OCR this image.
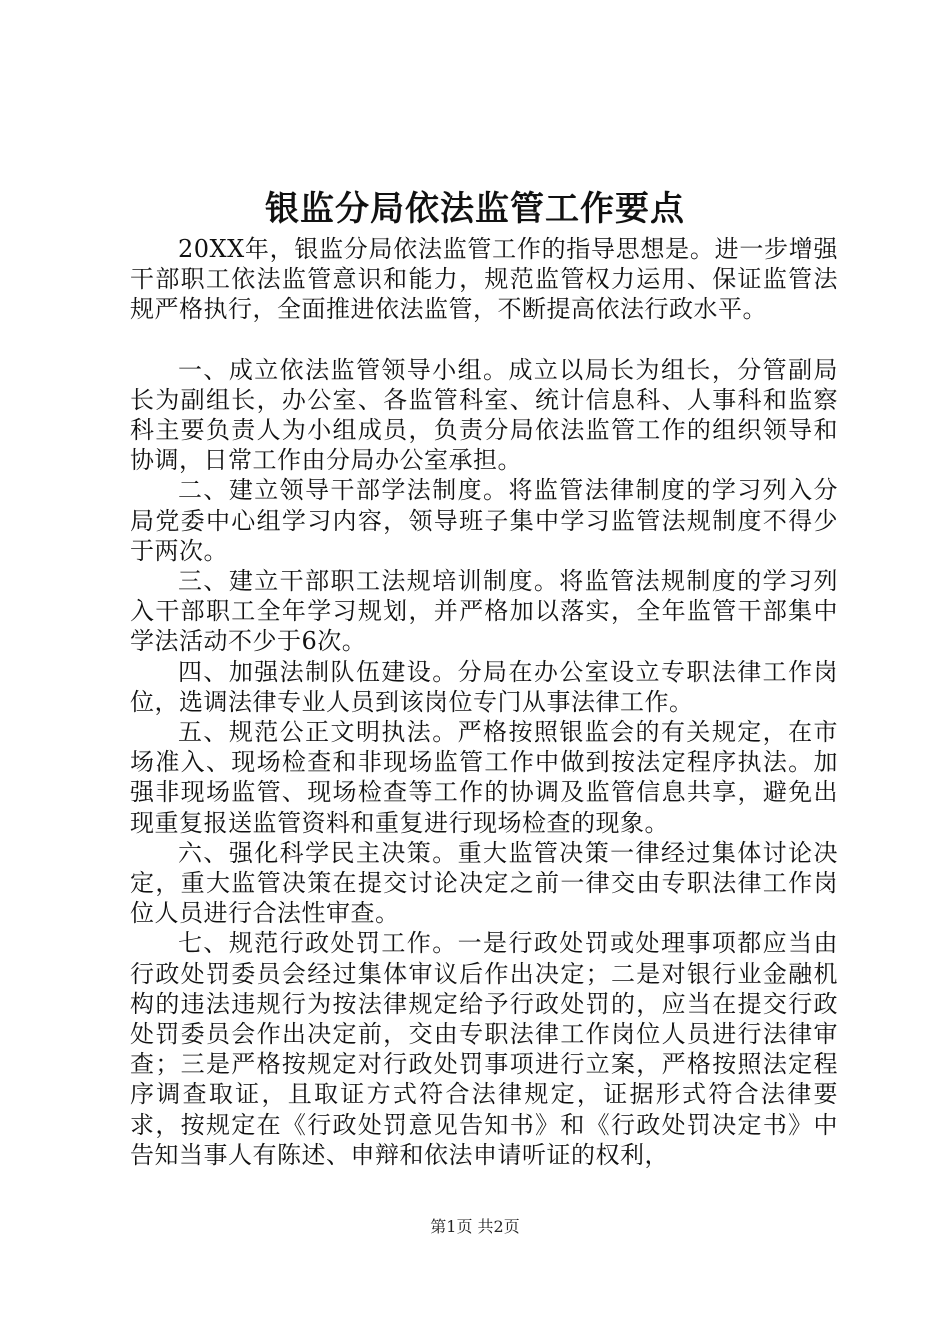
银监分局依法监管工作要点

20XX年，银监分局依法监管工作的指导思想是。进一步增强干部职工依法监管意识和能力，规范监管权力运用、保证监管法规严格执行，全面推进依法监管，不断提高依法行政水平。

一、成立依法监管领导小组。成立以局长为组长，分管副局长为副组长，办公室、各监管科室、统计信息科、人事科和监察科主要负责人为小组成员，负责分局依法监管工作的组织领导和协调，日常工作由分局办公室承担。

二、建立领导干部学法制度。将监管法律制度的学习列入分局党委中心组学习内容，领导班子集中学习监管法规制度不得少于两次。

三、建立干部职工法规培训制度。将监管法规制度的学习列入干部职工全年学习规划，并严格加以落实，全年监管干部集中学法活动不少于6次。

四、加强法制队伍建设。分局在办公室设立专职法律工作岗位，选调法律专业人员到该岗位专门从事法律工作。

五、规范公正文明执法。严格按照银监会的有关规定，在市场准入、现场检查和非现场监管工作中做到按法定程序执法。加强非现场监管、现场检查等工作的协调及监管信息共享，避免出现重复报送监管资料和重复进行现场检查的现象。

六、强化科学民主决策。重大监管决策一律经过集体讨论决定，重大监管决策在提交讨论决定之前一律交由专职法律工作岗位人员进行合法性审查。

七、规范行政处罚工作。一是行政处罚或处理事项都应当由行政处罚委员会经过集体审议后作出决定；二是对银行业金融机构的违法违规行为按法律规定给予行政处罚的，应当在提交行政处罚委员会作出决定前，交由专职法律工作岗位人员进行法律审查；三是严格按规定对行政处罚事项进行立案，严格按照法定程序调查取证，且取证方式符合法律规定，证据形式符合法律要求，按规定在《行政处罚意见告知书》和《行政处罚决定书》中告知当事人有陈述、申辩和依法申请听证的权利，

第1页 共2页
